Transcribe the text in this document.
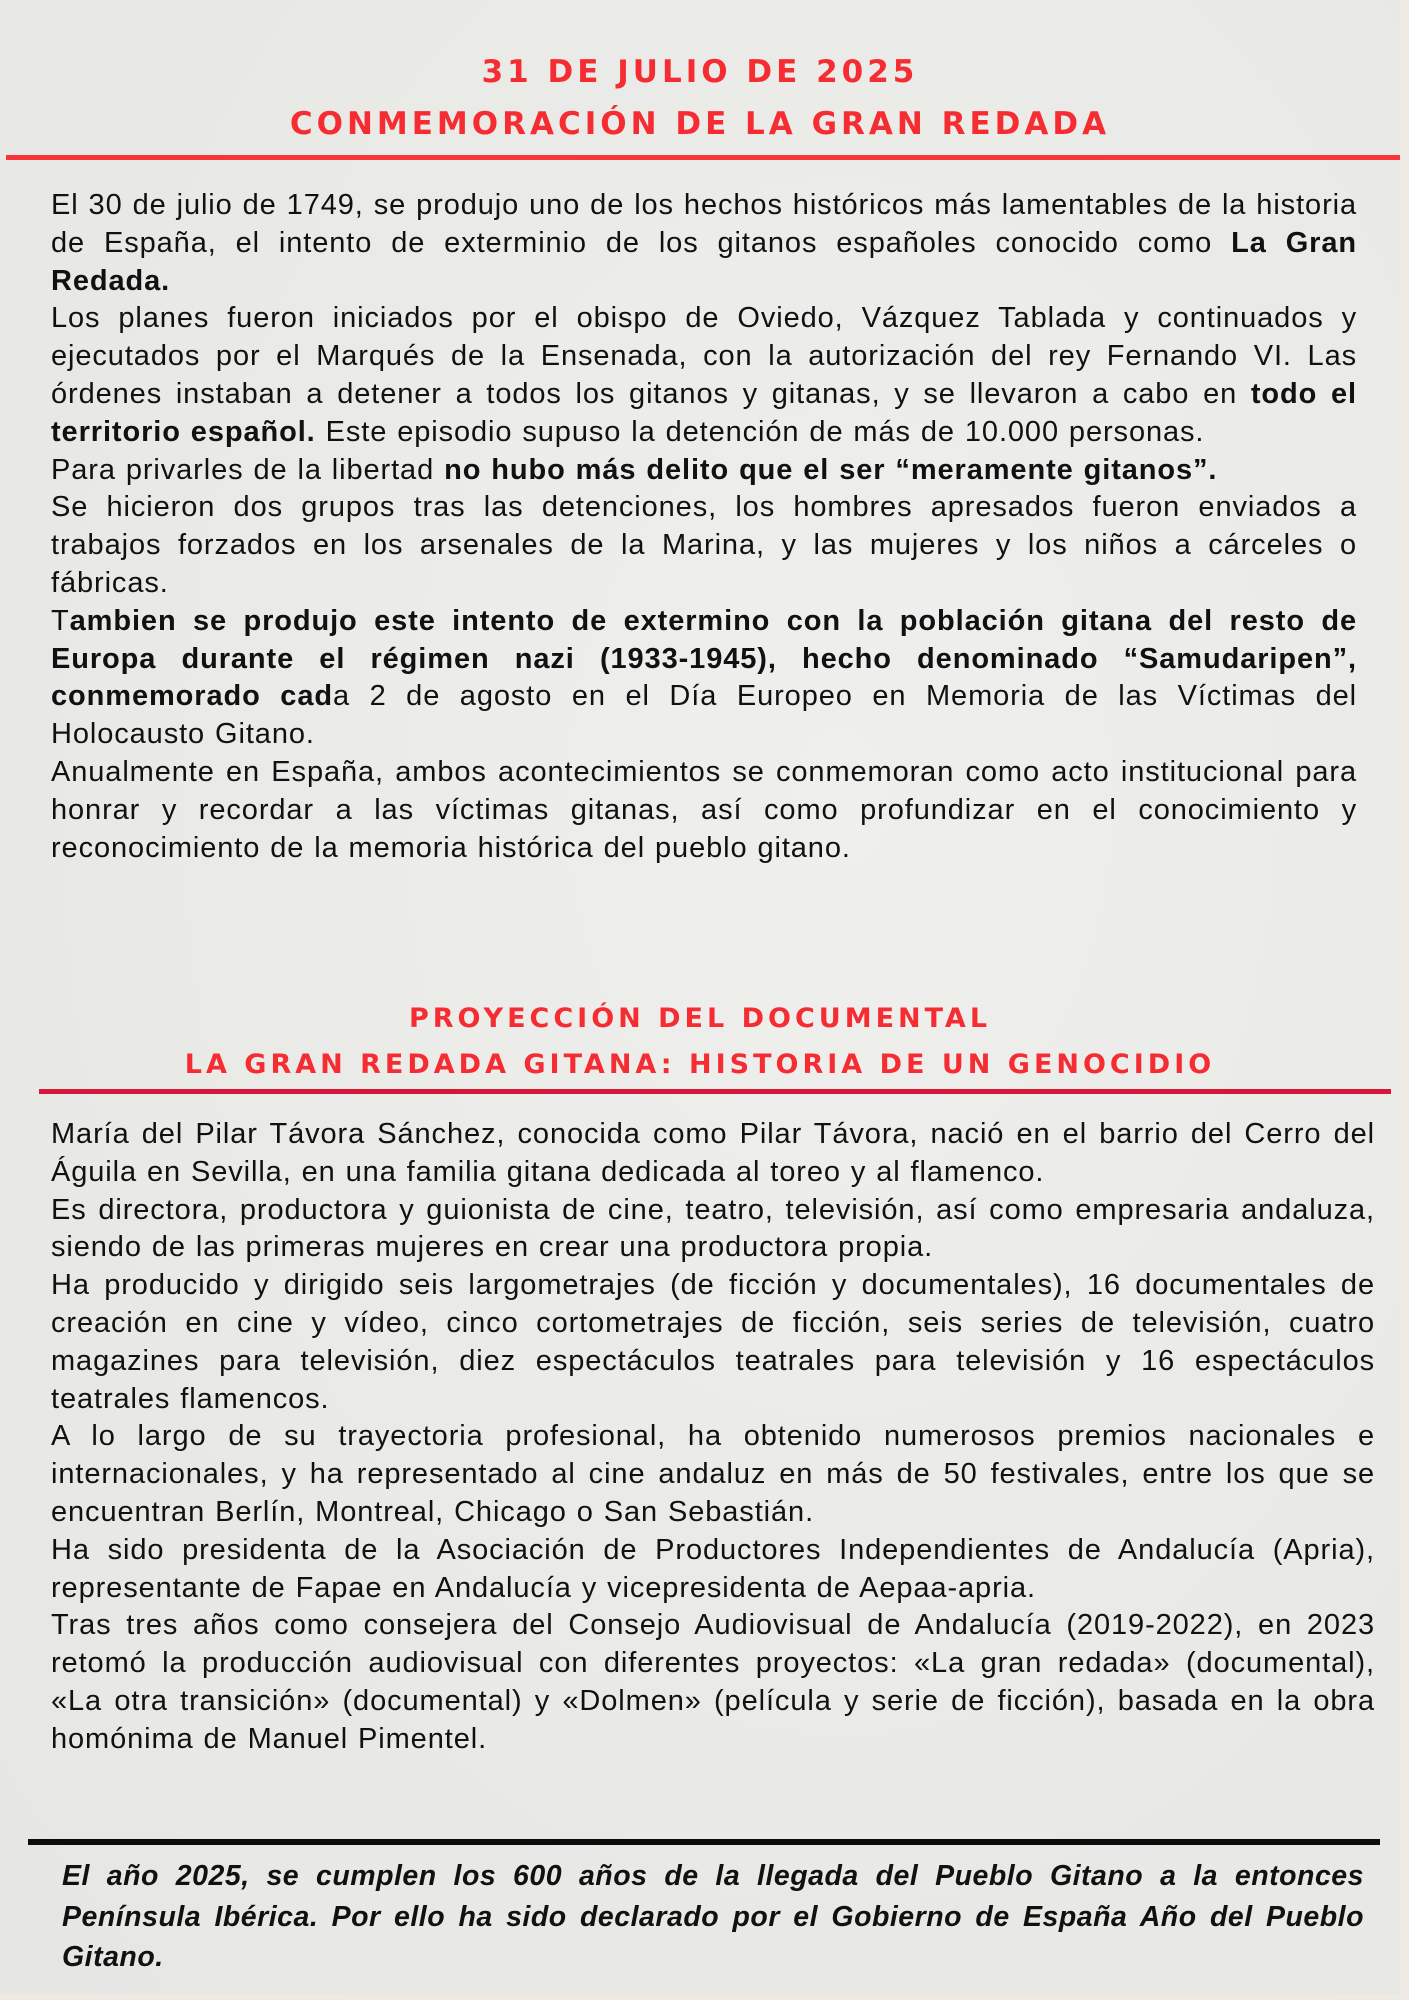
31 DE JULIO DE 2025
CONMEMORACIÓN DE LA GRAN REDADA

El 30 de julio de 1749, se produjo uno de los hechos históricos más lamentables de la historia de España, el intento de exterminio de los gitanos españoles conocido como La Gran Redada.

Los planes fueron iniciados por el obispo de Oviedo, Vázquez Tablada y continuados y ejecutados por el Marqués de la Ensenada, con la autorización del rey Fernando VI. Las órdenes instaban a detener a todos los gitanos y gitanas, y se llevaron a cabo en todo el territorio español. Este episodio supuso la detención de más de 10.000 personas.

Para privarles de la libertad no hubo más delito que el ser “meramente gitanos”.

Se hicieron dos grupos tras las detenciones, los hombres apresados fueron enviados a trabajos forzados en los arsenales de la Marina, y las mujeres y los niños a cárceles o fábricas.

Tambien se produjo este intento de extermino con la población gitana del resto de Europa durante el régimen nazi (1933-1945), hecho denominado “Samudaripen”, conmemorado cada 2 de agosto en el Día Europeo en Memoria de las Víctimas del Holocausto Gitano.

Anualmente en España, ambos acontecimientos se conmemoran como acto institucional para honrar y recordar a las víctimas gitanas, así como profundizar en el conocimiento y reconocimiento de la memoria histórica del pueblo gitano.

PROYECCIÓN DEL DOCUMENTAL
LA GRAN REDADA GITANA: HISTORIA DE UN GENOCIDIO

María del Pilar Távora Sánchez, conocida como Pilar Távora, nació en el barrio del Cerro del Águila en Sevilla, en una familia gitana dedicada al toreo y al flamenco.

Es directora, productora y guionista de cine, teatro, televisión, así como empresaria andaluza, siendo de las primeras mujeres en crear una productora propia.

Ha producido y dirigido seis largometrajes (de ficción y documentales), 16 documentales de creación en cine y vídeo, cinco cortometrajes de ficción, seis series de televisión, cuatro magazines para televisión, diez espectáculos teatrales para televisión y 16 espectáculos teatrales flamencos.

A lo largo de su trayectoria profesional, ha obtenido numerosos premios nacionales e internacionales, y ha representado al cine andaluz en más de 50 festivales, entre los que se encuentran Berlín, Montreal, Chicago o San Sebastián.

Ha sido presidenta de la Asociación de Productores Independientes de Andalucía (Apria), representante de Fapae en Andalucía y vicepresidenta de Aepaa-apria.

Tras tres años como consejera del Consejo Audiovisual de Andalucía (2019-2022), en 2023 retomó la producción audiovisual con diferentes proyectos: «La gran redada» (documental), «La otra transición» (documental) y «Dolmen» (película y serie de ficción), basada en la obra homónima de Manuel Pimentel.

El año 2025, se cumplen los 600 años de la llegada del Pueblo Gitano a la entonces Península Ibérica. Por ello ha sido declarado por el Gobierno de España Año del Pueblo Gitano.
